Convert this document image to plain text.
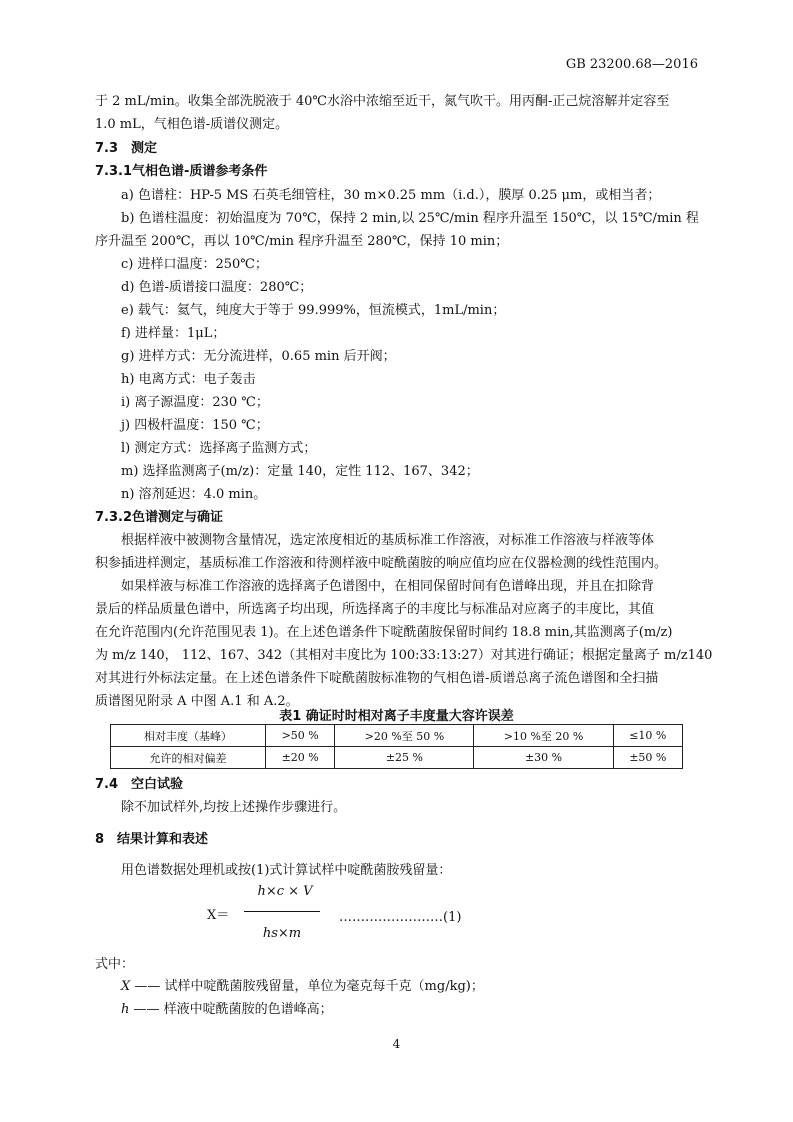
GB 23200.68—2016
于 2 mL/min。收集全部洗脱液于 40℃水浴中浓缩至近干，氮气吹干。用丙酮-正己烷溶解并定容至
1.0 mL，气相色谱-质谱仪测定。
7.3 测定
7.3.1气相色谱-质谱参考条件
a) 色谱柱：HP-5 MS 石英毛细管柱，30 m×0.25 mm（i.d.），膜厚 0.25 μm，或相当者；
b) 色谱柱温度：初始温度为 70℃，保持 2 min,以 25℃/min 程序升温至 150℃，以 15℃/min 程
序升温至 200℃，再以 10℃/min 程序升温至 280℃，保持 10 min；
c) 进样口温度：250℃；
d) 色谱-质谱接口温度：280℃；
e) 载气：氦气，纯度大于等于 99.999%，恒流模式，1mL/min；
f) 进样量：1μL；
g) 进样方式：无分流进样，0.65 min 后开阀；
h) 电离方式：电子轰击
i) 离子源温度：230 ℃；
j) 四极杆温度：150 ℃；
l) 测定方式：选择离子监测方式；
m) 选择监测离子(m/z)：定量 140，定性 112、167、342；
n) 溶剂延迟：4.0 min。
7.3.2色谱测定与确证
根据样液中被测物含量情况，选定浓度相近的基质标准工作溶液，对标准工作溶液与样液等体
积参插进样测定，基质标准工作溶液和待测样液中啶酰菌胺的响应值均应在仪器检测的线性范围内。
如果样液与标准工作溶液的选择离子色谱图中，在相同保留时间有色谱峰出现，并且在扣除背
景后的样品质量色谱中，所选离子均出现，所选择离子的丰度比与标准品对应离子的丰度比，其值
在允许范围内(允许范围见表 1)。在上述色谱条件下啶酰菌胺保留时间约 18.8 min,其监测离子(m/z)
为 m/z 140， 112、167、342（其相对丰度比为 100:33:13:27）对其进行确证；根据定量离子 m/z140
对其进行外标法定量。在上述色谱条件下啶酰菌胺标准物的气相色谱-质谱总离子流色谱图和全扫描
质谱图见附录 A 中图 A.1 和 A.2。
表1 确证时时相对离子丰度量大容许误差
相对丰度（基峰）	>50 %	>20 %至 50 %	>10 %至 20 %	≤10 %
允许的相对偏差	±20 %	±25 %	±30 %	±50 %
7.4 空白试验
除不加试样外,均按上述操作步骤进行。
8 结果计算和表述
用色谱数据处理机或按(1)式计算试样中啶酰菌胺残留量：
X＝
h×c × V
hs×m
……………………(1)
式中：
X —— 试样中啶酰菌胺残留量，单位为毫克每千克（mg/kg)；
h —— 样液中啶酰菌胺的色谱峰高；
4
